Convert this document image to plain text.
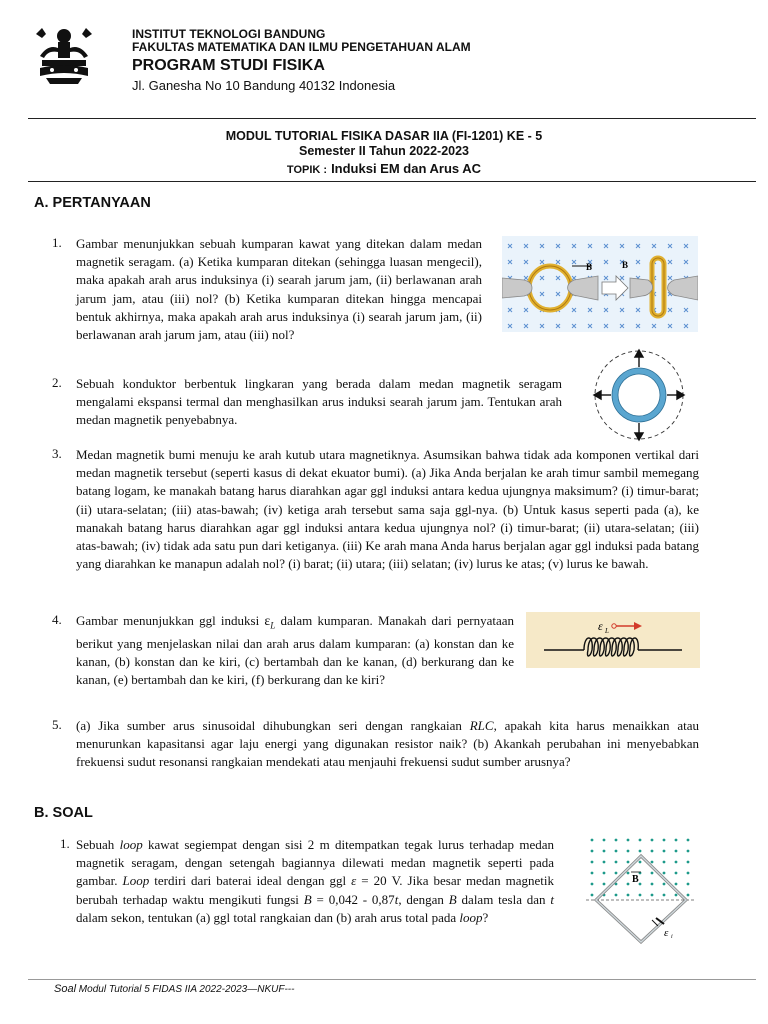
INSTITUT TEKNOLOGI BANDUNG
FAKULTAS MATEMATIKA DAN ILMU PENGETAHUAN ALAM
PROGRAM STUDI FISIKA
Jl. Ganesha No 10 Bandung 40132 Indonesia
MODUL TUTORIAL FISIKA DASAR IIA (FI-1201) KE - 5
Semester II Tahun 2022-2023
TOPIK : Induksi EM dan Arus AC
A. PERTANYAAN
1. Gambar menunjukkan sebuah kumparan kawat yang ditekan dalam medan magnetik seragam. (a) Ketika kumparan ditekan (sehingga luasan mengecil), maka apakah arah arus induksinya (i) searah jarum jam, (ii) berlawanan arah jarum jam, atau (iii) nol? (b) Ketika kumparan ditekan hingga mencapai bentuk akhirnya, maka apakah arah arus induksinya (i) searah jarum jam, (ii) berlawanan arah jarum jam, atau (iii) nol?
B	B
2. Sebuah konduktor berbentuk lingkaran yang berada dalam medan magnetik seragam mengalami ekspansi termal dan menghasilkan arus induksi searah jarum jam. Tentukan arah medan magnetik penyebabnya.
3. Medan magnetik bumi menuju ke arah kutub utara magnetiknya. Asumsikan bahwa tidak ada komponen vertikal dari medan magnetik tersebut (seperti kasus di dekat ekuator bumi). (a) Jika Anda berjalan ke arah timur sambil memegang batang logam, ke manakah batang harus diarahkan agar ggl induksi antara kedua ujungnya maksimum? (i) timur-barat; (ii) utara-selatan; (iii) atas-bawah; (iv) ketiga arah tersebut sama saja ggl-nya. (b) Untuk kasus seperti pada (a), ke manakah batang harus diarahkan agar ggl induksi antara kedua ujungnya nol? (i) timur-barat; (ii) utara-selatan; (iii) atas-bawah; (iv) tidak ada satu pun dari ketiganya. (iii) Ke arah mana Anda harus berjalan agar ggl induksi pada batang yang diarahkan ke manapun adalah nol? (i) barat; (ii) utara; (iii) selatan; (iv) lurus ke atas; (v) lurus ke bawah.
4. Gambar menunjukkan ggl induksi $\varepsilon_L$ dalam kumparan. Manakah dari pernyataan berikut yang menjelaskan nilai dan arah arus dalam kumparan: (a) konstan dan ke kanan, (b) konstan dan ke kiri, (c) bertambah dan ke kanan, (d) berkurang dan ke kanan, (e) bertambah dan ke kiri, (f) berkurang dan ke kiri?
ε L
5. (a) Jika sumber arus sinusoidal dihubungkan seri dengan rangkaian RLC, apakah kita harus menaikkan atau menurunkan kapasitansi agar laju energi yang digunakan resistor naik? (b) Akankah perubahan ini menyebabkan frekuensi sudut resonansi rangkaian mendekati atau menjauhi frekuensi sudut sumber arusnya?
B. SOAL
1. Sebuah loop kawat segiempat dengan sisi 2 m ditempatkan tegak lurus terhadap medan magnetik seragam, dengan setengah bagiannya dilewati medan magnetik seperti pada gambar. Loop terdiri dari baterai ideal dengan ggl ε = 20 V. Jika besar medan magnetik berubah terhadap waktu mengikuti fungsi B = 0,042 - 0,87t, dengan B dalam tesla dan t dalam sekon, tentukan (a) ggl total rangkaian dan (b) arah arus total pada loop?
B
ε i
Soal Modul Tutorial 5 FIDAS IIA 2022-2023—NKUF---
